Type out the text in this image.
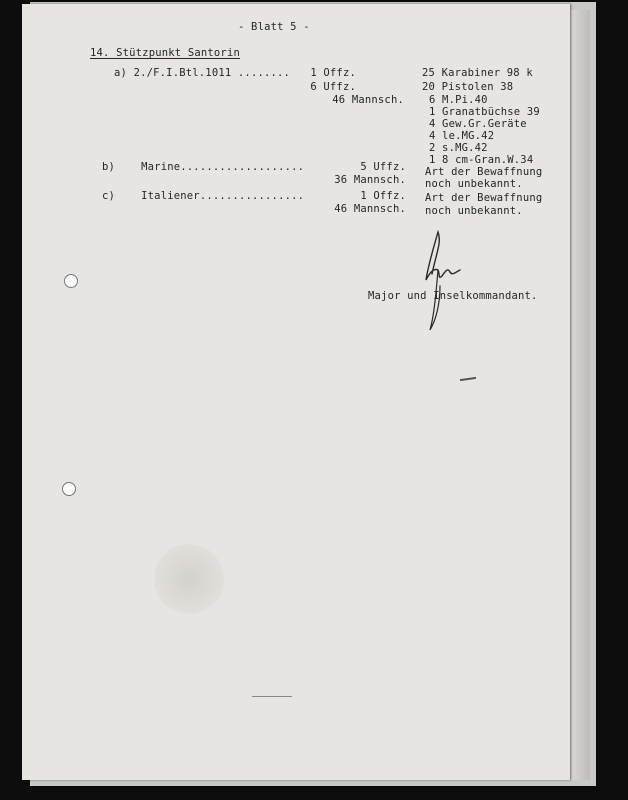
- Blatt 5 -
14. Stützpunkt Santorin
a) 2./F.I.Btl.1011 ........ 1 Offz.
6 Uffz.
46 Mannsch.
25 Karabiner 98 k
20 Pistolen 38
6 M.Pi.40
1 Granatbüchse 39
4 Gew.Gr.Geräte
4 le.MG.42
2 s.MG.42
1 8 cm-Gran.W.34
b)    Marine...................	5 Uffz.
36 Mannsch.
Art der Bewaffnung
noch unbekannt.
c)    Italiener................	1 Offz.
46 Mannsch.
Art der Bewaffnung
noch unbekannt.
Major und Inselkommandant.
